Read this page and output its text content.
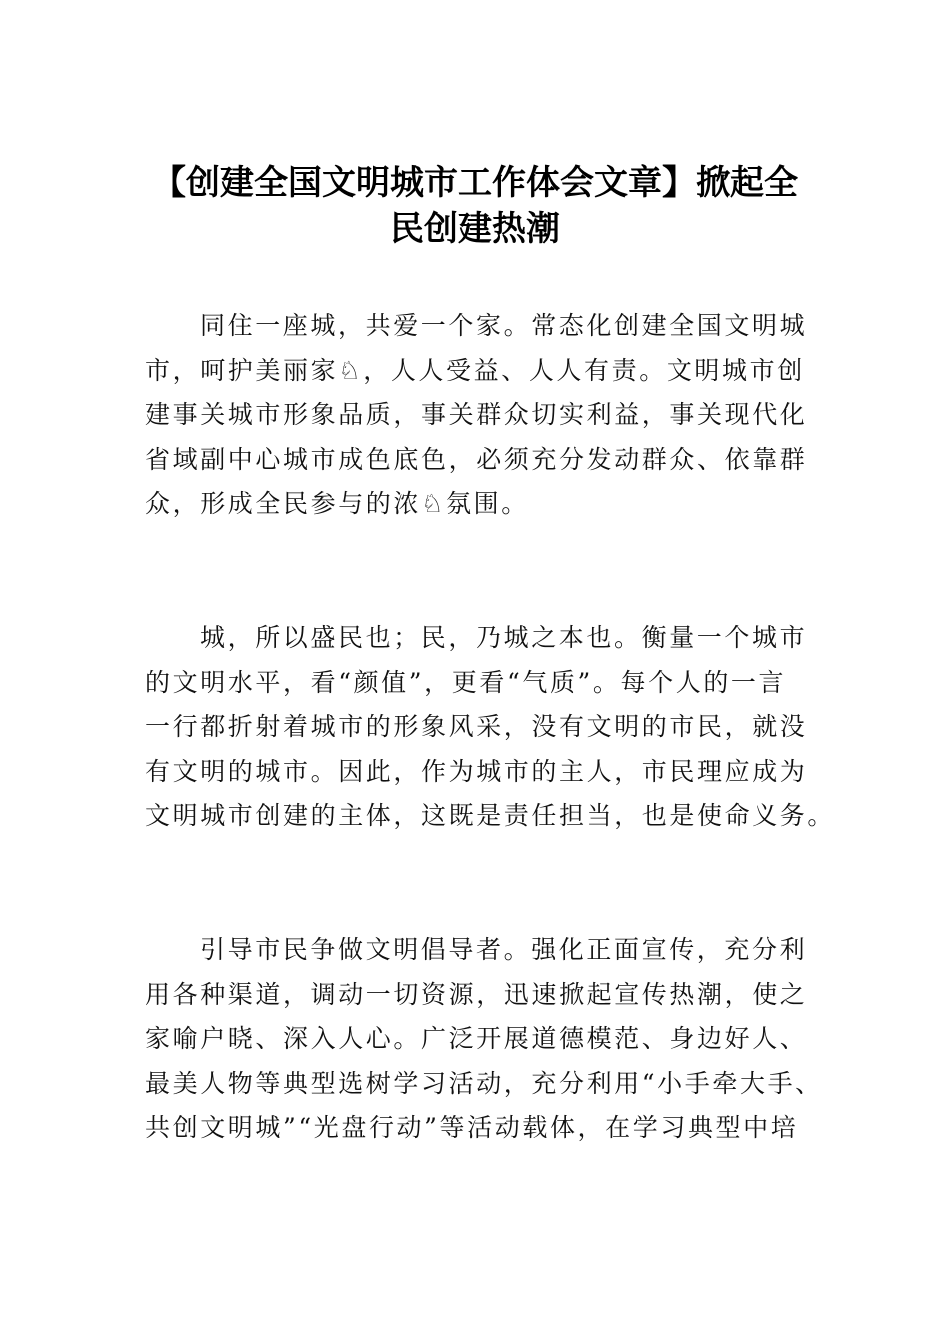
【创建全国文明城市工作体会文章】掀起全
民创建热潮
同住一座城，共爱一个家。常态化创建全国文明城
市，呵护美丽家♘，人人受益、人人有责。文明城市创
建事关城市形象品质，事关群众切实利益，事关现代化
省域副中心城市成色底色，必须充分发动群众、依靠群
众，形成全民参与的浓♘氛围。
城，所以盛民也；民，乃城之本也。衡量一个城市
的文明水平，看“颜值”，更看“气质”。每个人的一言
一行都折射着城市的形象风采，没有文明的市民，就没
有文明的城市。因此，作为城市的主人，市民理应成为
文明城市创建的主体，这既是责任担当，也是使命义务。
引导市民争做文明倡导者。强化正面宣传，充分利
用各种渠道，调动一切资源，迅速掀起宣传热潮，使之
家喻户晓、深入人心。广泛开展道德模范、身边好人、
最美人物等典型选树学习活动，充分利用“小手牵大手、
共创文明城”“光盘行动”等活动载体，在学习典型中培
